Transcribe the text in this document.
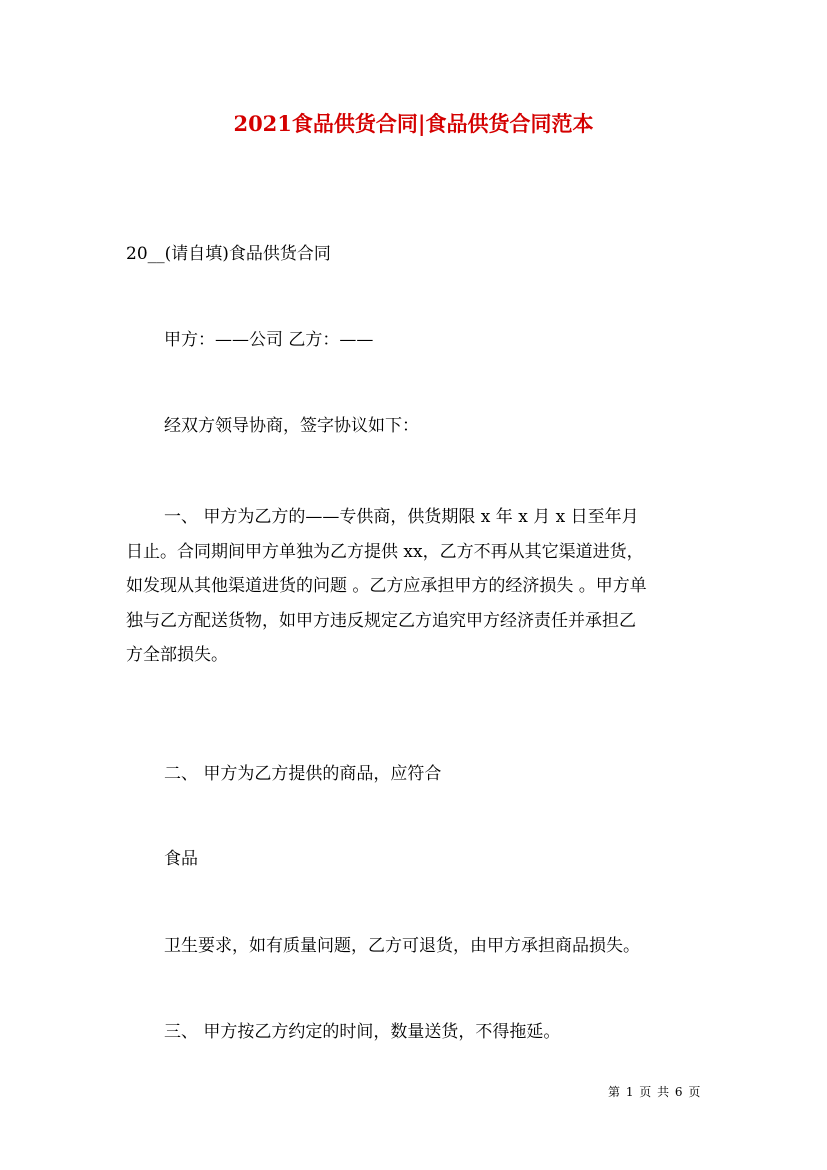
2021食品供货合同|食品供货合同范本
20__(请自填)食品供货合同
甲方：——公司 乙方：——
经双方领导协商，签字协议如下：
一、 甲方为乙方的——专供商，供货期限 x 年 x 月 x 日至年月
日止。合同期间甲方单独为乙方提供 xx，乙方不再从其它渠道进货，
如发现从其他渠道进货的问题 。乙方应承担甲方的经济损失 。甲方单
独与乙方配送货物，如甲方违反规定乙方追究甲方经济责任并承担乙
方全部损失。
二、 甲方为乙方提供的商品，应符合
食品
卫生要求，如有质量问题，乙方可退货，由甲方承担商品损失。
三、 甲方按乙方约定的时间，数量送货，不得拖延。
第 1 页 共 6 页
